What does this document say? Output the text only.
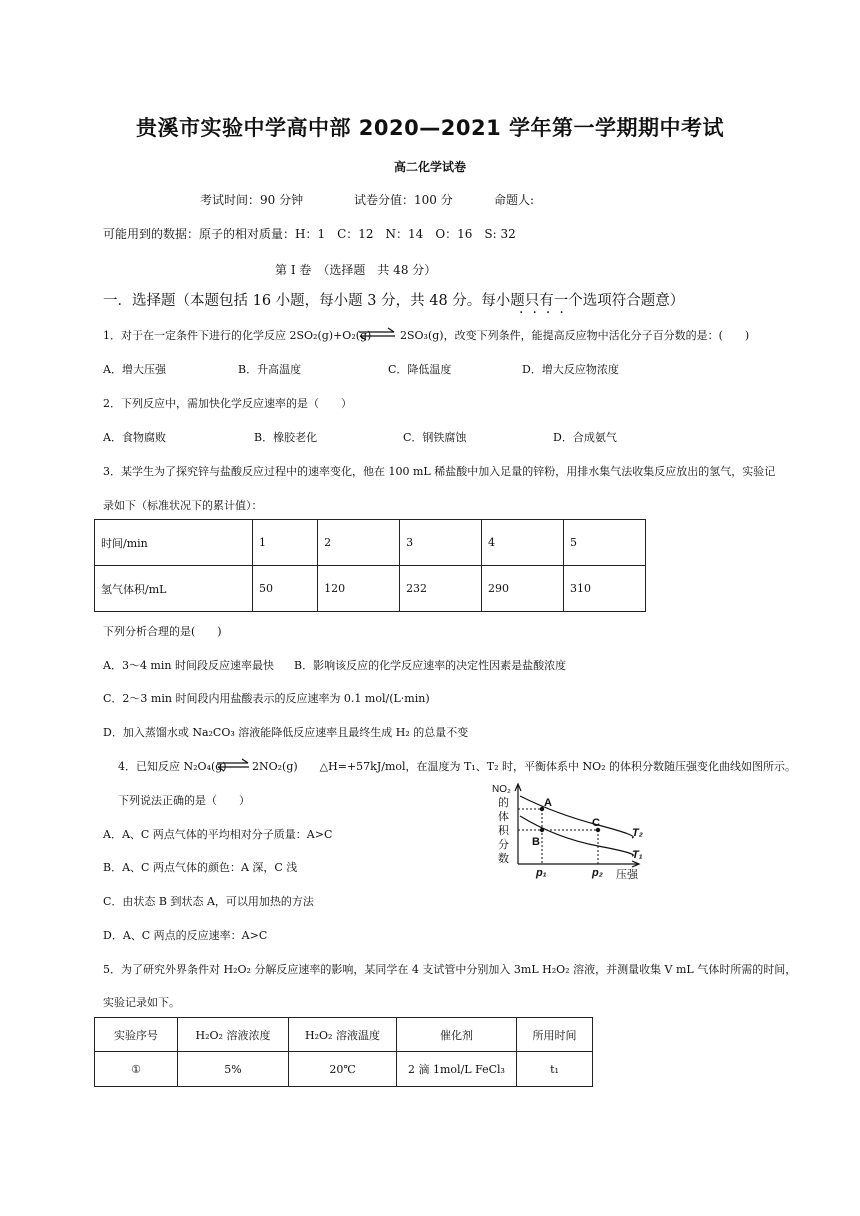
贵溪市实验中学高中部 2020—2021 学年第一学期期中考试
高二化学试卷
考试时间：90 分钟	试卷分值：100 分	命题人:
可能用到的数据：原子的相对质量：H：1　C：12　N：14　O：16　S: 32
第 I 卷　（选择题　共 48 分）
一．选择题（本题包括 16 小题，每小题 3 分，共 48 分。每小题只有一个选项符合题意）
····
1．对于在一定条件下进行的化学反应 2SO₂(g)+O₂(g) ⇌ 2SO₃(g)，改变下列条件，能提高反应物中活化分子百分数的是：(　　)
A．增大压强	B．升高温度	C．降低温度	D．增大反应物浓度
2．下列反应中，需加快化学反应速率的是（　　）
A．食物腐败	B．橡胶老化	C．钢铁腐蚀	D．合成氨气
3．某学生为了探究锌与盐酸反应过程中的速率变化，他在 100 mL 稀盐酸中加入足量的锌粉，用排水集气法收集反应放出的氢气，实验记
录如下（标准状况下的累计值）：
时间/min	1	2	3	4	5
氢气体积/mL	50	120	232	290	310
下列分析合理的是(　　)
A．3～4 min 时间段反应速率最快 B．影响该反应的化学反应速率的决定性因素是盐酸浓度
C．2～3 min 时间段内用盐酸表示的反应速率为 0.1 mol/(L·min)
D．加入蒸馏水或 Na₂CO₃ 溶液能降低反应速率且最终生成 H₂ 的总量不变
4．已知反应 N₂O₄(g) ⇌ 2NO₂(g)　　△H=+57kJ/mol，在温度为 T₁、T₂ 时，平衡体系中 NO₂ 的体积分数随压强变化曲线如图所示。
下列说法正确的是（　　）
NO₂
的
体
积
分
数
A
B
C
T₂
T₁
p₁	p₂ 压强
A．A、C 两点气体的平均相对分子质量：A>C
B．A、C 两点气体的颜色：A 深，C 浅
C．由状态 B 到状态 A，可以用加热的方法
D．A、C 两点的反应速率：A>C
5．为了研究外界条件对 H₂O₂ 分解反应速率的影响，某同学在 4 支试管中分别加入 3mL H₂O₂ 溶液，并测量收集 V mL 气体时所需的时间，
实验记录如下。
实验序号	H₂O₂ 溶液浓度	H₂O₂ 溶液温度	催化剂	所用时间
①	5%	20℃	2 滴 1mol/L FeCl₃	t₁
